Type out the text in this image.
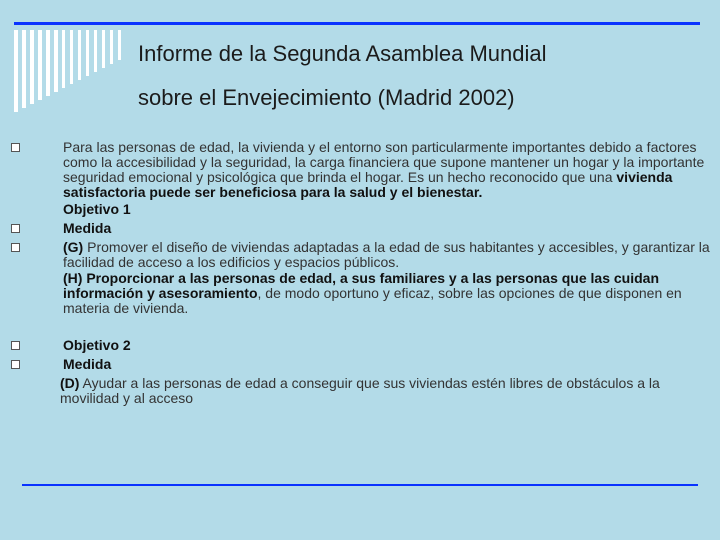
Informe de la Segunda Asamblea Mundial
sobre el Envejecimiento (Madrid 2002)
Para las personas de edad, la vivienda y el entorno son particularmente importantes debido a factores como la accesibilidad y la seguridad, la carga financiera que supone mantener un hogar y la importante seguridad emocional y psicológica que brinda el hogar. Es un hecho reconocido que una vivienda satisfactoria puede ser beneficiosa para la salud y el bienestar.
Objetivo 1
Medida
(G) Promover el diseño de viviendas adaptadas a la edad de sus habitantes y accesibles, y garantizar la facilidad de acceso a los edificios y espacios públicos.
(H) Proporcionar a las personas de edad, a sus familiares y a las personas que las cuidan información y asesoramiento, de modo oportuno y eficaz, sobre las opciones de que disponen en materia de vivienda.
Objetivo 2
Medida
(D) Ayudar a las personas de edad a conseguir que sus viviendas estén libres de obstáculos a la movilidad y al acceso
